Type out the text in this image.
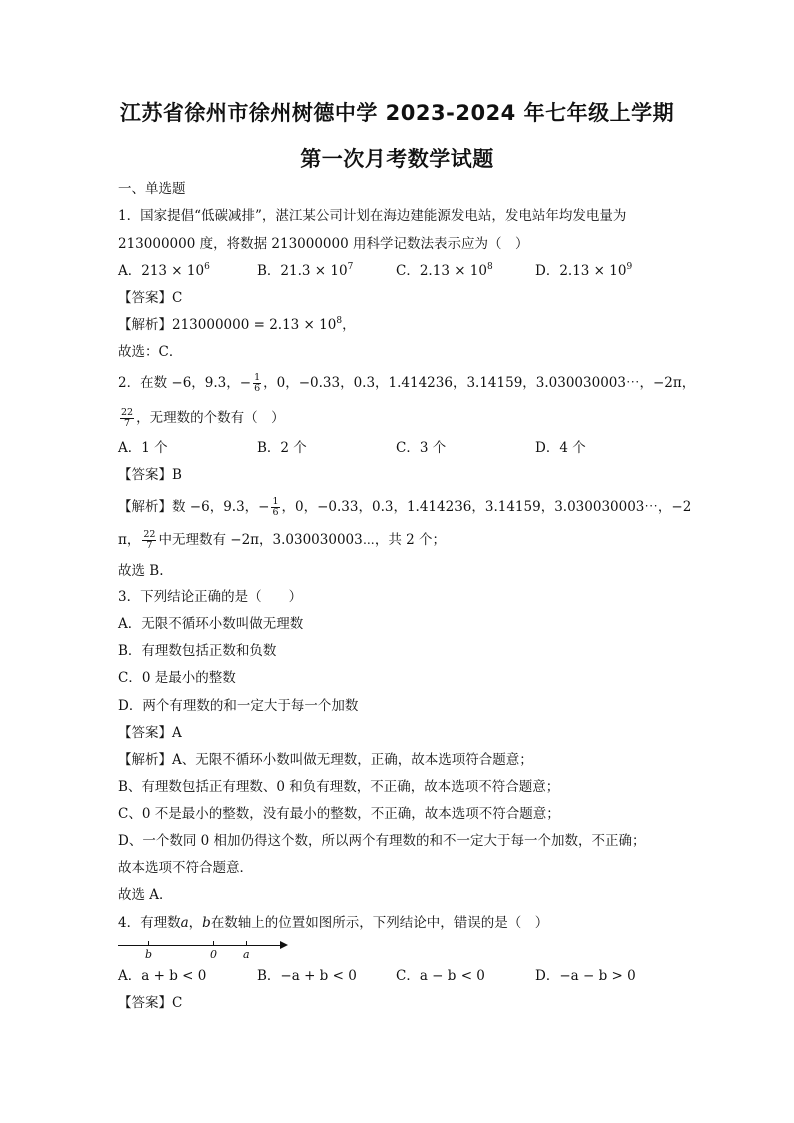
江苏省徐州市徐州树德中学 2023-2024 年七年级上学期
第一次月考数学试题
一、单选题
1．国家提倡“低碳减排”，湛江某公司计划在海边建能源发电站，发电站年均发电量为
213000000 度，将数据 213000000 用科学记数法表示应为（　）
A．$213 \times 10^6$	B．$21.3 \times 10^7$	C．$2.13 \times 10^8$	D．$2.13 \times 10^9$
【答案】C
【解析】$213000000 = 2.13 \times 10^8$，
故选：C．
2．在数 −6，9.3，− $\frac{1}{6}$ ，0，−0.33，0.3，1.414236，3.14159，3.030030003⋯，−2π，
$\frac{22}{7}$ ，无理数的个数有（　）
A．1 个	B．2 个	C．3 个	D．4 个
【答案】B
【解析】数 −6，9.3，− $\frac{1}{6}$ ，0，−0.33，0.3，1.414236，3.14159，3.030030003⋯，−2
π， $\frac{22}{7}$ 中无理数有 −2π，3.030030003⋯，共 2 个；
故选 B.
3．下列结论正确的是（　　）
A．无限不循环小数叫做无理数
B．有理数包括正数和负数
C．0 是最小的整数
D．两个有理数的和一定大于每一个加数
【答案】A
【解析】A、无限不循环小数叫做无理数，正确，故本选项符合题意；
B、有理数包括正有理数、0 和负有理数，不正确，故本选项不符合题意；
C、0 不是最小的整数，没有最小的整数，不正确，故本选项不符合题意；
D、一个数同 0 相加仍得这个数，所以两个有理数的和不一定大于每一个加数，不正确；
故本选项不符合题意．
故选 A．
4．有理数a，b在数轴上的位置如图所示，下列结论中，错误的是（　）
b	0 a
A．a + b < 0	B．−a + b < 0	C．a − b < 0	D．−a − b > 0
【答案】C
